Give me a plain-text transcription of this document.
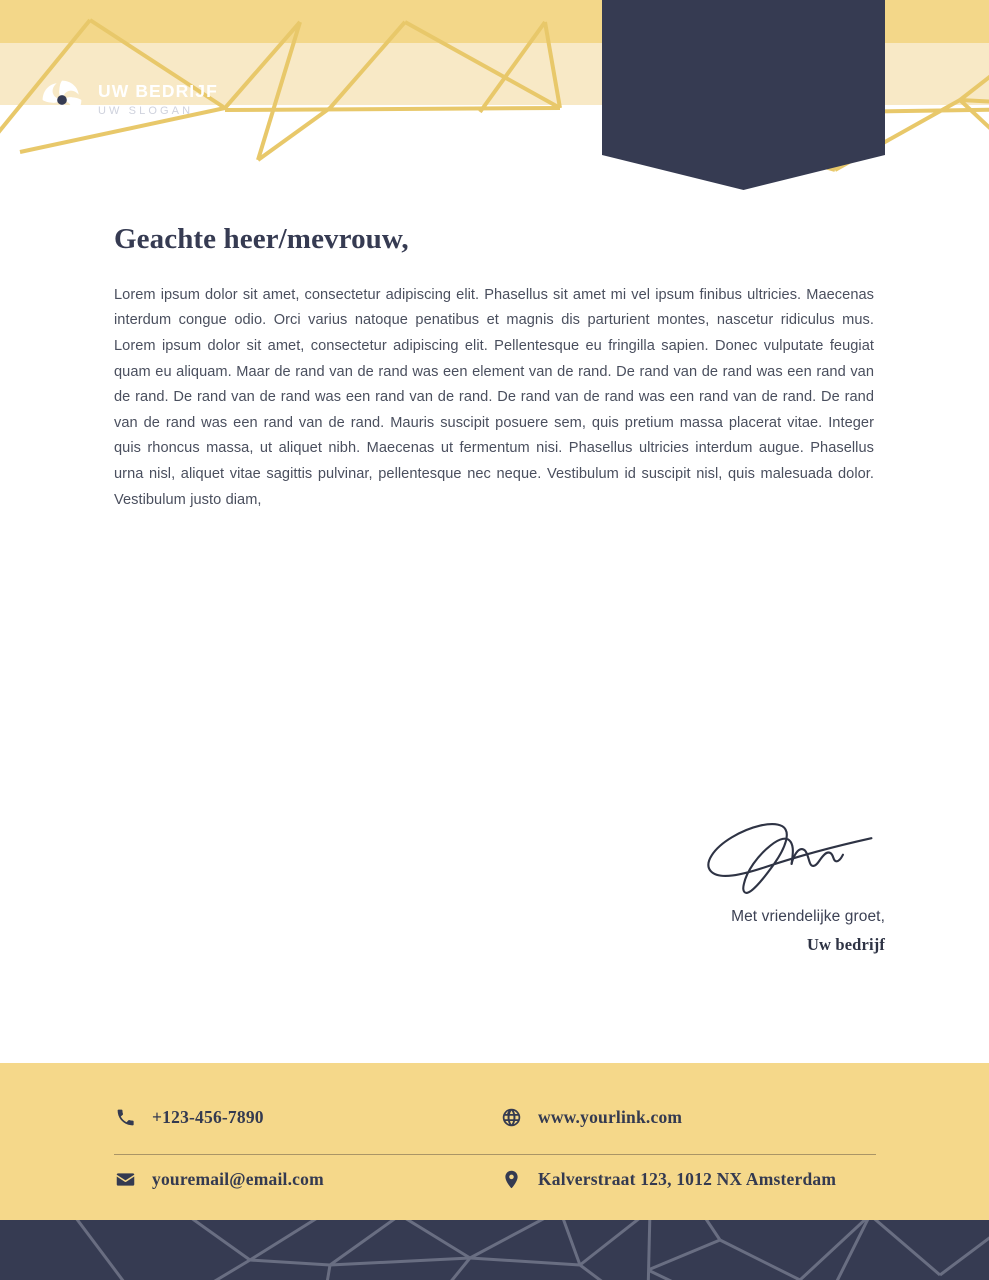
UW BEDRIJF
UW SLOGAN
Geachte heer/mevrouw,

Lorem ipsum dolor sit amet, consectetur adipiscing elit. Phasellus sit amet mi vel ipsum finibus ultricies. Maecenas interdum congue odio. Orci varius natoque penatibus et magnis dis parturient montes, nascetur ridiculus mus. Lorem ipsum dolor sit amet, consectetur adipiscing elit. Pellentesque eu fringilla sapien. Donec vulputate feugiat quam eu aliquam. Maar de rand van de rand was een element van de rand. De rand van de rand was een rand van de rand. De rand van de rand was een rand van de rand. De rand van de rand was een rand van de rand. De rand van de rand was een rand van de rand. Mauris suscipit posuere sem, quis pretium massa placerat vitae. Integer quis rhoncus massa, ut aliquet nibh. Maecenas ut fermentum nisi. Phasellus ultricies interdum augue. Phasellus urna nisl, aliquet vitae sagittis pulvinar, pellentesque nec neque. Vestibulum id suscipit nisl, quis malesuada dolor. Vestibulum justo diam,

Met vriendelijke groet,
Uw bedrijf
+123-456-7890	www.yourlink.com
youremail@email.com	Kalverstraat 123, 1012 NX Amsterdam
